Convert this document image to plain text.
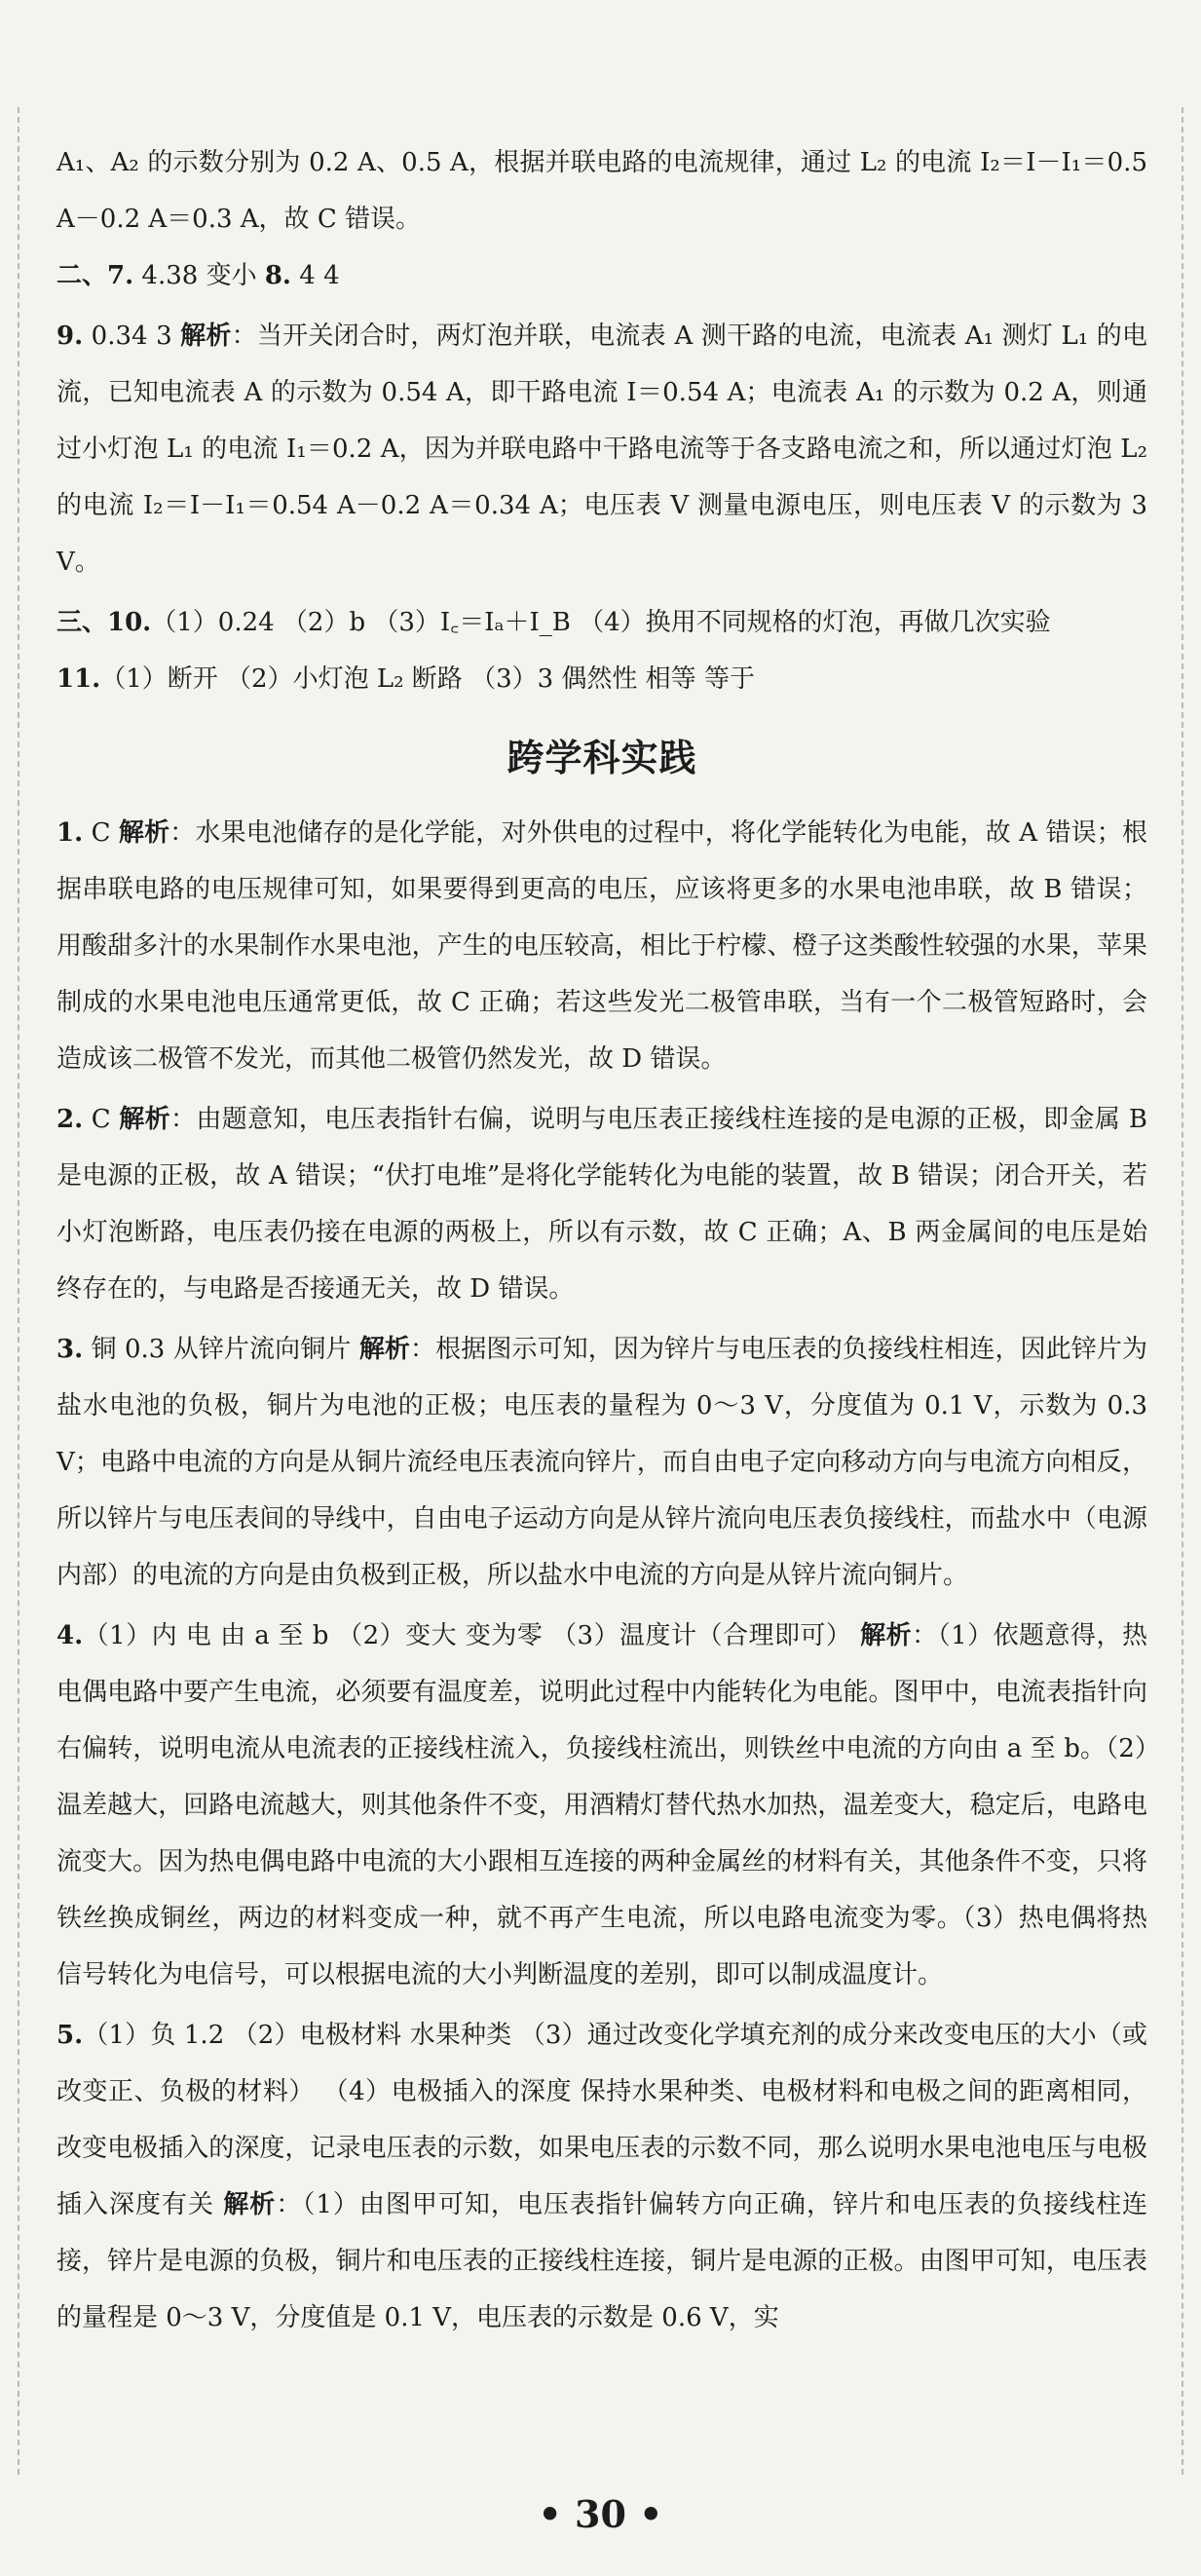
A₁、A₂ 的示数分别为 0.2 A、0.5 A，根据并联电路的电流规律，通过 L₂ 的电流 I₂＝I－I₁＝0.5 A－0.2 A＝0.3 A，故 C 错误。

二、7. 4.38 变小 8. 4 4

9. 0.34 3 解析：当开关闭合时，两灯泡并联，电流表 A 测干路的电流，电流表 A₁ 测灯 L₁ 的电流，已知电流表 A 的示数为 0.54 A，即干路电流 I＝0.54 A；电流表 A₁ 的示数为 0.2 A，则通过小灯泡 L₁ 的电流 I₁＝0.2 A，因为并联电路中干路电流等于各支路电流之和，所以通过灯泡 L₂ 的电流 I₂＝I－I₁＝0.54 A－0.2 A＝0.34 A；电压表 V 测量电源电压，则电压表 V 的示数为 3 V。

三、10.（1）0.24 （2）b （3）I꜀＝Iₐ＋I_B （4）换用不同规格的灯泡，再做几次实验

11.（1）断开 （2）小灯泡 L₂ 断路 （3）3 偶然性 相等 等于

跨学科实践

1. C 解析：水果电池储存的是化学能，对外供电的过程中，将化学能转化为电能，故 A 错误；根据串联电路的电压规律可知，如果要得到更高的电压，应该将更多的水果电池串联，故 B 错误；用酸甜多汁的水果制作水果电池，产生的电压较高，相比于柠檬、橙子这类酸性较强的水果，苹果制成的水果电池电压通常更低，故 C 正确；若这些发光二极管串联，当有一个二极管短路时，会造成该二极管不发光，而其他二极管仍然发光，故 D 错误。

2. C 解析：由题意知，电压表指针右偏，说明与电压表正接线柱连接的是电源的正极，即金属 B 是电源的正极，故 A 错误；“伏打电堆”是将化学能转化为电能的装置，故 B 错误；闭合开关，若小灯泡断路，电压表仍接在电源的两极上，所以有示数，故 C 正确；A、B 两金属间的电压是始终存在的，与电路是否接通无关，故 D 错误。

3. 铜 0.3 从锌片流向铜片 解析：根据图示可知，因为锌片与电压表的负接线柱相连，因此锌片为盐水电池的负极，铜片为电池的正极；电压表的量程为 0～3 V，分度值为 0.1 V，示数为 0.3 V；电路中电流的方向是从铜片流经电压表流向锌片，而自由电子定向移动方向与电流方向相反，所以锌片与电压表间的导线中，自由电子运动方向是从锌片流向电压表负接线柱，而盐水中（电源内部）的电流的方向是由负极到正极，所以盐水中电流的方向是从锌片流向铜片。

4.（1）内 电 由 a 至 b （2）变大 变为零 （3）温度计（合理即可） 解析：（1）依题意得，热电偶电路中要产生电流，必须要有温度差，说明此过程中内能转化为电能。图甲中，电流表指针向右偏转，说明电流从电流表的正接线柱流入，负接线柱流出，则铁丝中电流的方向由 a 至 b。（2）温差越大，回路电流越大，则其他条件不变，用酒精灯替代热水加热，温差变大，稳定后，电路电流变大。因为热电偶电路中电流的大小跟相互连接的两种金属丝的材料有关，其他条件不变，只将铁丝换成铜丝，两边的材料变成一种，就不再产生电流，所以电路电流变为零。（3）热电偶将热信号转化为电信号，可以根据电流的大小判断温度的差别，即可以制成温度计。

5.（1）负 1.2 （2）电极材料 水果种类 （3）通过改变化学填充剂的成分来改变电压的大小（或改变正、负极的材料） （4）电极插入的深度 保持水果种类、电极材料和电极之间的距离相同，改变电极插入的深度，记录电压表的示数，如果电压表的示数不同，那么说明水果电池电压与电极插入深度有关 解析：（1）由图甲可知，电压表指针偏转方向正确，锌片和电压表的负接线柱连接，锌片是电源的负极，铜片和电压表的正接线柱连接，铜片是电源的正极。由图甲可知，电压表的量程是 0～3 V，分度值是 0.1 V，电压表的示数是 0.6 V，实

• 30 •
